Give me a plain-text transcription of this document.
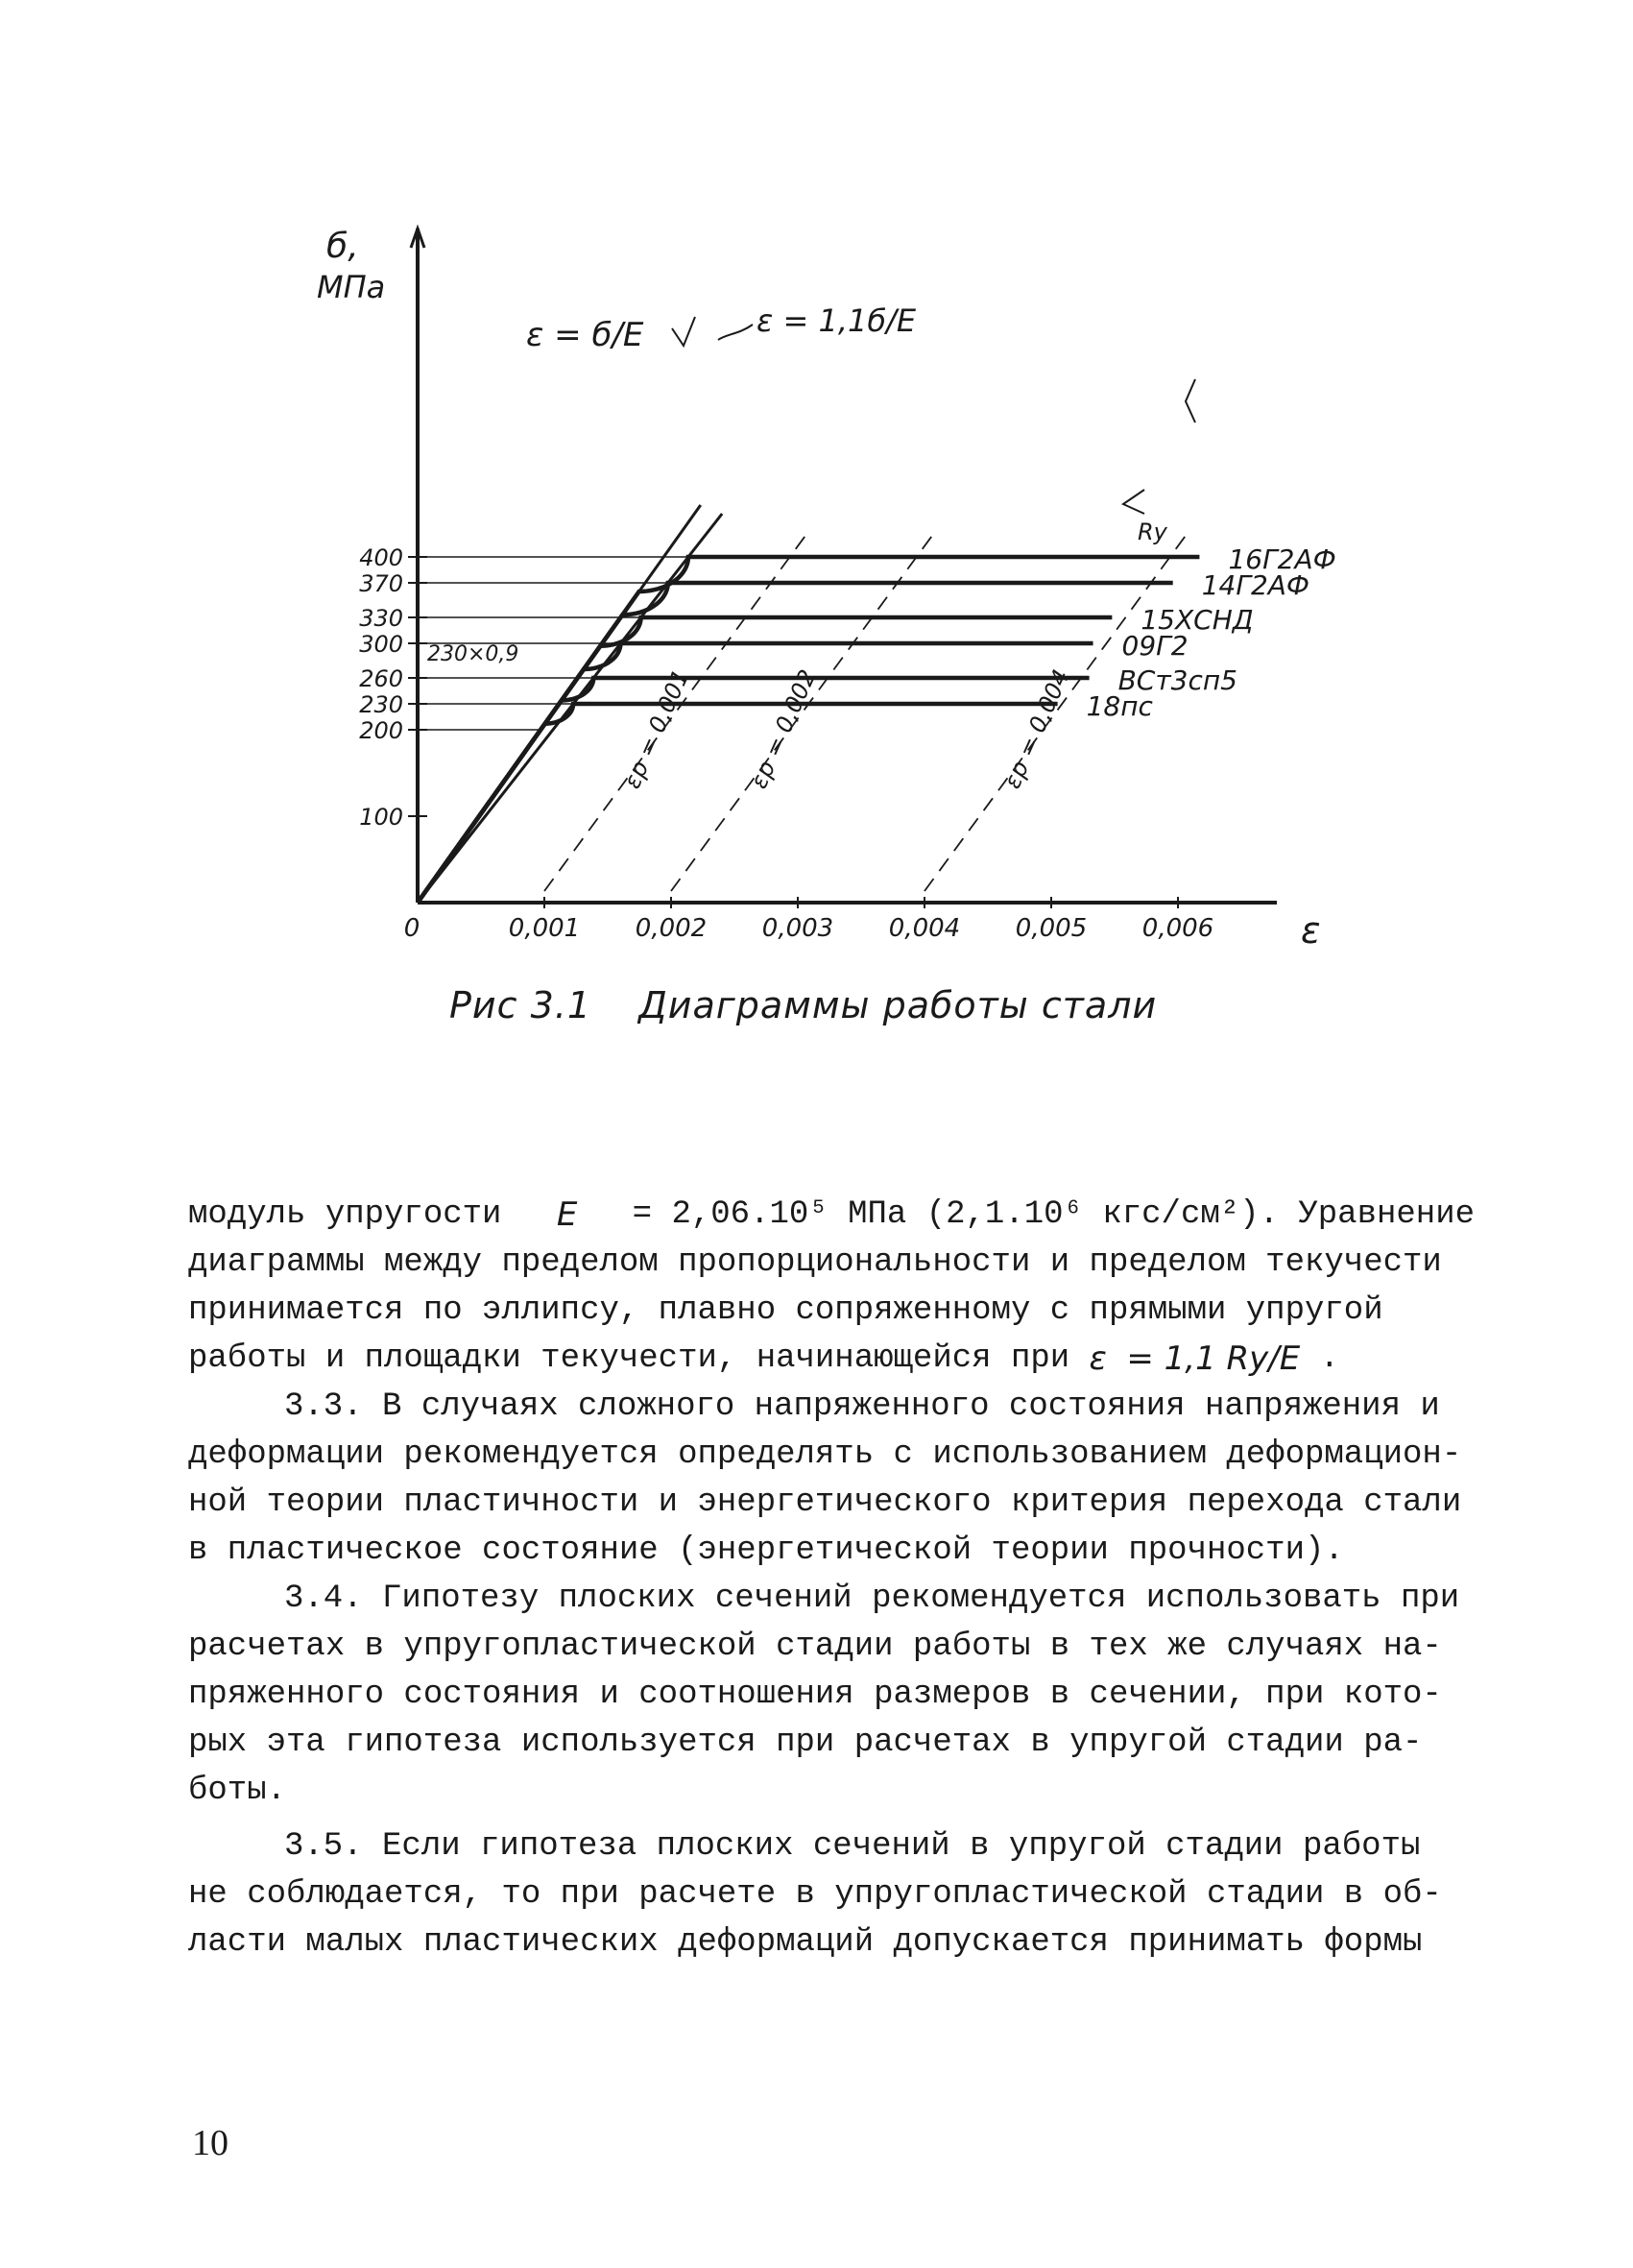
400
370
330
300
260
230
200
100
0	0,001 0,002 0,003 0,004 0,005 0,006
εр = 0,001 εр = 0,002	εр = 0,004
16Г2АФ
14Г2АФ
15ХСНД
09Г2
ВСт3сп5
18пс
б,
МПа
ε
ε = б/Е	ε = 1,1б/Е
230×0,9
Ry
Рис 3.1 Диаграммы работы стали
модуль упругости Е = 2,06.10⁵ МПа (2,1.10⁶ кгс/см²). Уравнение
диаграммы между пределом пропорциональности и пределом текучести
принимается по эллипсу, плавно сопряженному с прямыми упругой
работы и площадки текучести, начинающейся при ε = 1,1 Ry/Е .
3.3. В случаях сложного напряженного состояния напряжения и
деформации рекомендуется определять с использованием деформацион-
ной теории пластичности и энергетического критерия перехода стали
в пластическое состояние (энергетической теории прочности).
3.4. Гипотезу плоских сечений рекомендуется использовать при
расчетах в упругопластической стадии работы в тех же случаях на-
пряженного состояния и соотношения размеров в сечении, при кото-
рых эта гипотеза используется при расчетах в упругой стадии ра-
боты.
3.5. Если гипотеза плоских сечений в упругой стадии работы
не соблюдается, то при расчете в упругопластической стадии в об-
ласти малых пластических деформаций допускается принимать формы
10
